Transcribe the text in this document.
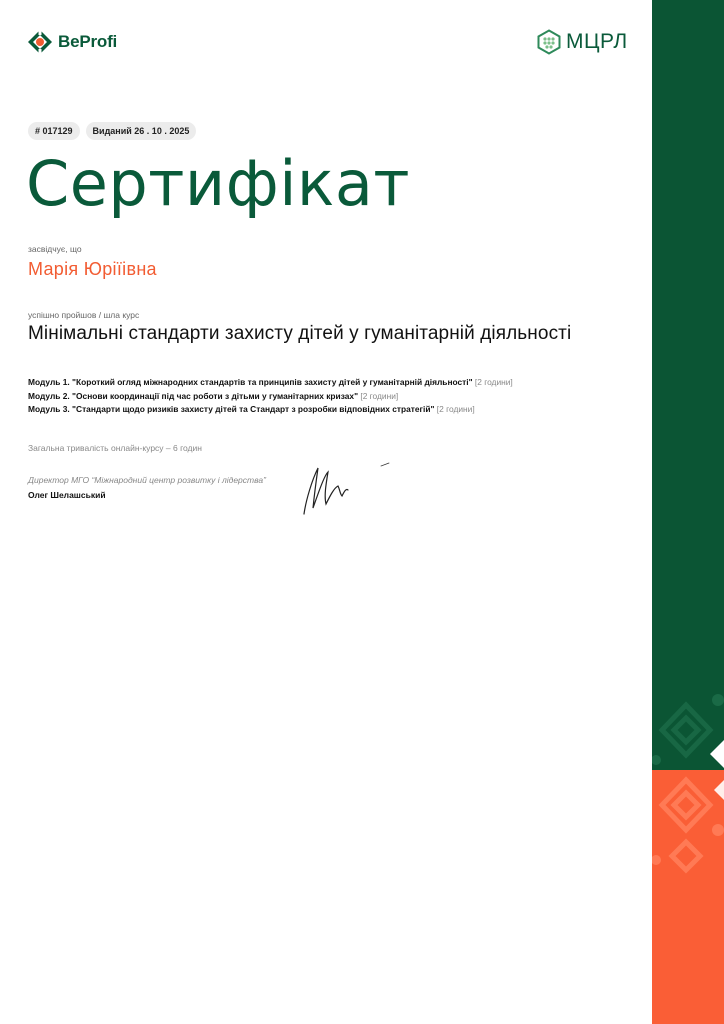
BeProfi	МЦРЛ
# 017129	Виданий 26 . 10 . 2025
Сертифікат
засвідчує, що
Марія Юріїівна
успішно пройшов / шла курс
Мінімальні стандарти захисту дітей у гуманітарній діяльності
Модуль 1. "Короткий огляд міжнародних стандартів та принципів захисту дітей у гуманітарній діяльності" [2 години]
Модуль 2. "Основи координації під час роботи з дітьми у гуманітарних кризах" [2 години]
Модуль 3. "Стандарти щодо ризиків захисту дітей та Стандарт з розробки відповідних стратегій" [2 години]
Загальна тривалість онлайн-курсу – 6 годин
Директор МГО “Міжнародний центр розвитку і лідерства”
Олег Шелашський
